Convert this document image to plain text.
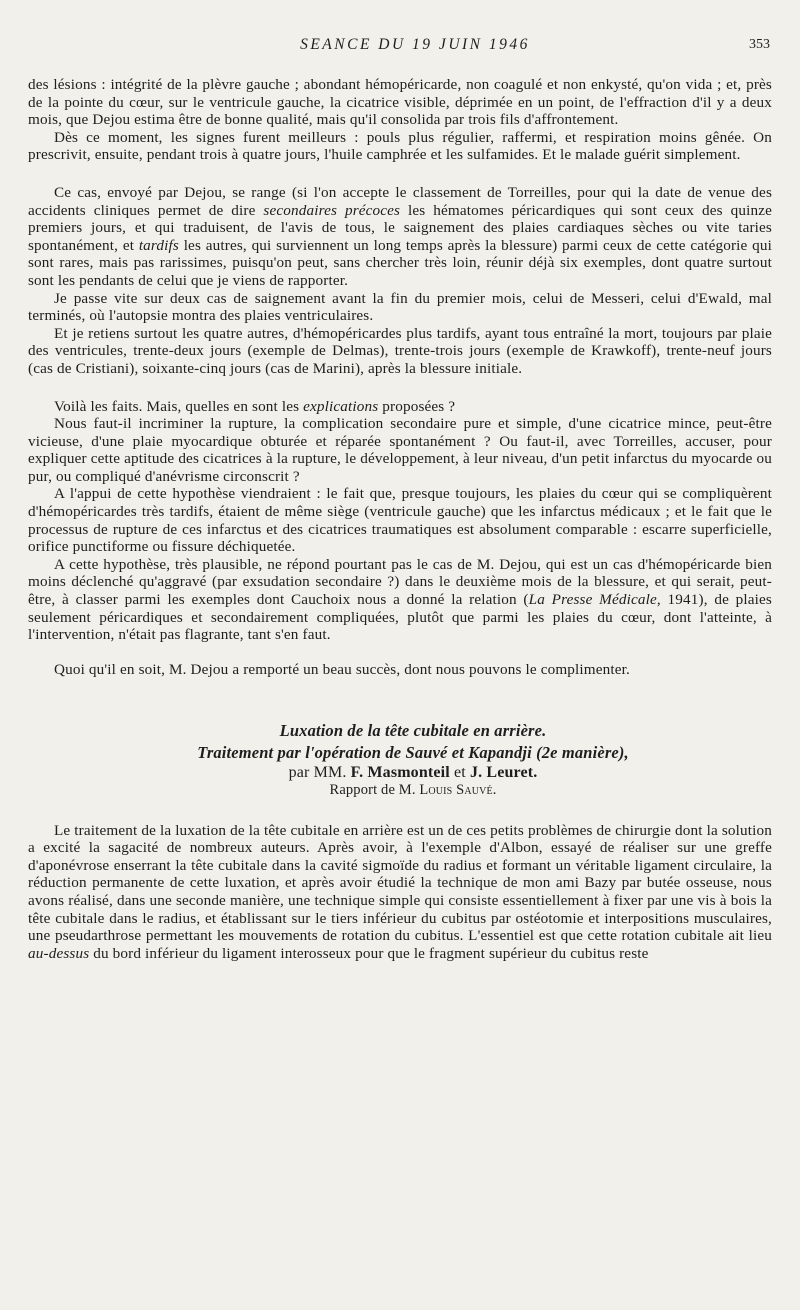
SEANCE DU 19 JUIN 1946	353

des lésions : intégrité de la plèvre gauche ; abondant hémopéricarde, non coagulé et non enkysté, qu'on vida ; et, près de la pointe du cœur, sur le ventricule gauche, la cicatrice visible, déprimée en un point, de l'effraction d'il y a deux mois, que Dejou estima être de bonne qualité, mais qu'il consolida par trois fils d'affrontement.

Dès ce moment, les signes furent meilleurs : pouls plus régulier, raffermi, et respiration moins gênée. On prescrivit, ensuite, pendant trois à quatre jours, l'huile camphrée et les sulfamides. Et le malade guérit simplement.

Ce cas, envoyé par Dejou, se range (si l'on accepte le classement de Torreilles, pour qui la date de venue des accidents cliniques permet de dire secondaires précoces les hématomes péricardiques qui sont ceux des quinze premiers jours, et qui traduisent, de l'avis de tous, le saignement des plaies cardiaques sèches ou vite taries spontanément, et tardifs les autres, qui surviennent un long temps après la blessure) parmi ceux de cette catégorie qui sont rares, mais pas rarissimes, puisqu'on peut, sans chercher très loin, réunir déjà six exemples, dont quatre surtout sont les pendants de celui que je viens de rapporter.

Je passe vite sur deux cas de saignement avant la fin du premier mois, celui de Messeri, celui d'Ewald, mal terminés, où l'autopsie montra des plaies ventriculaires.

Et je retiens surtout les quatre autres, d'hémopéricardes plus tardifs, ayant tous entraîné la mort, toujours par plaie des ventricules, trente-deux jours (exemple de Delmas), trente-trois jours (exemple de Krawkoff), trente-neuf jours (cas de Cristiani), soixante-cinq jours (cas de Marini), après la blessure initiale.

Voilà les faits. Mais, quelles en sont les explications proposées ?

Nous faut-il incriminer la rupture, la complication secondaire pure et simple, d'une cicatrice mince, peut-être vicieuse, d'une plaie myocardique obturée et réparée spontanément ? Ou faut-il, avec Torreilles, accuser, pour expliquer cette aptitude des cicatrices à la rupture, le développement, à leur niveau, d'un petit infarctus du myocarde ou pur, ou compliqué d'anévrisme circonscrit ?

A l'appui de cette hypothèse viendraient : le fait que, presque toujours, les plaies du cœur qui se compliquèrent d'hémopéricardes très tardifs, étaient de même siège (ventricule gauche) que les infarctus médicaux ; et le fait que le processus de rupture de ces infarctus et des cicatrices traumatiques est absolument comparable : escarre superficielle, orifice punctiforme ou fissure déchiquetée.

A cette hypothèse, très plausible, ne répond pourtant pas le cas de M. Dejou, qui est un cas d'hémopéricarde bien moins déclenché qu'aggravé (par exsudation secondaire ?) dans le deuxième mois de la blessure, et qui serait, peut-être, à classer parmi les exemples dont Cauchoix nous a donné la relation (La Presse Médicale, 1941), de plaies seulement péricardiques et secondairement compliquées, plutôt que parmi les plaies du cœur, dont l'atteinte, à l'intervention, n'était pas flagrante, tant s'en faut.

Quoi qu'il en soit, M. Dejou a remporté un beau succès, dont nous pouvons le complimenter.

Luxation de la tête cubitale en arrière.

Traitement par l'opération de Sauvé et Kapandji (2e manière),

par MM. F. Masmonteil et J. Leuret.

Rapport de M. Louis Sauvé.

Le traitement de la luxation de la tête cubitale en arrière est un de ces petits problèmes de chirurgie dont la solution a excité la sagacité de nombreux auteurs. Après avoir, à l'exemple d'Albon, essayé de réaliser sur une greffe d'aponévrose enserrant la tête cubitale dans la cavité sigmoïde du radius et formant un véritable ligament circulaire, la réduction permanente de cette luxation, et après avoir étudié la technique de mon ami Bazy par butée osseuse, nous avons réalisé, dans une seconde manière, une technique simple qui consiste essentiellement à fixer par une vis à bois la tête cubitale dans le radius, et établissant sur le tiers inférieur du cubitus par ostéotomie et interpositions musculaires, une pseudarthrose permettant les mouvements de rotation du cubitus. L'essentiel est que cette rotation cubitale ait lieu au-dessus du bord inférieur du ligament interosseux pour que le fragment supérieur du cubitus reste
